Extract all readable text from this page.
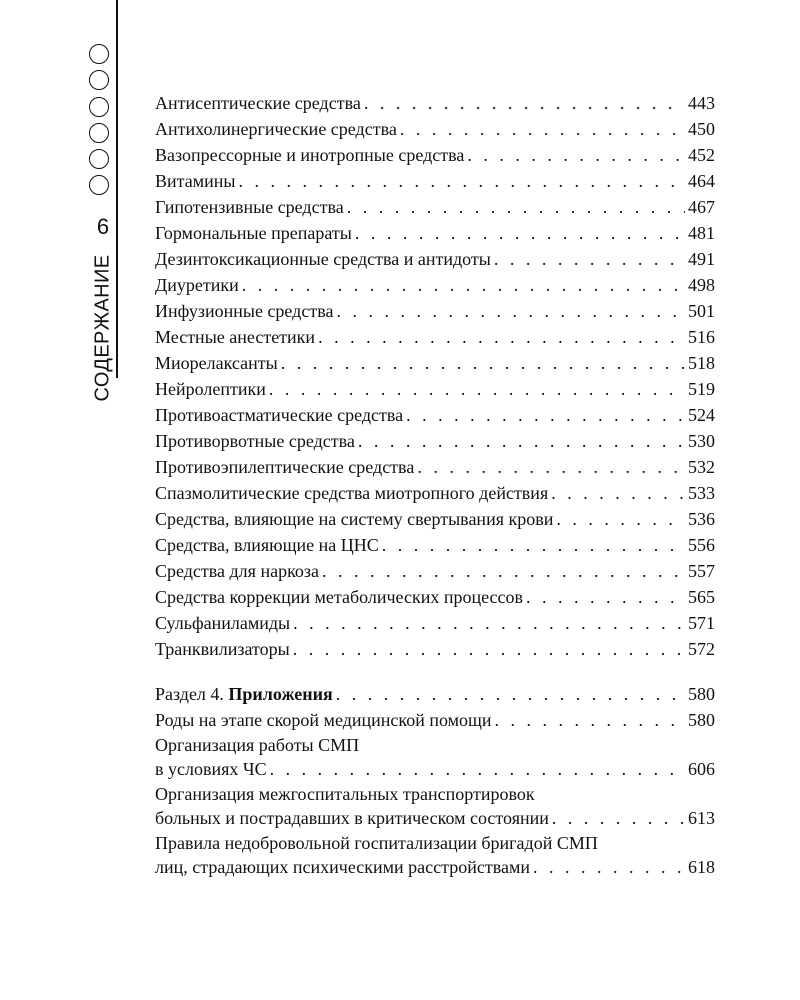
6
СОДЕРЖАНИЕ
Антисептические средства . . .	443
Антихолинергические средства . . .	450
Вазопрессорные и инотропные средства . . .	452
Витамины . . .	464
Гипотензивные средства . . .	467
Гормональные препараты . . .	481
Дезинтоксикационные средства и антидоты . . .	491
Диуретики . . .	498
Инфузионные средства . . .	501
Местные анестетики . . .	516
Миорелаксанты . . .	518
Нейролептики . . .	519
Противоастматические средства . . .	524
Противорвотные средства . . .	530
Противоэпилептические средства . . .	532
Спазмолитические средства миотропного действия . . .	533
Средства, влияющие на систему свертывания крови . . .	536
Средства, влияющие на ЦНС . . .	556
Средства для наркоза . . .	557
Средства коррекции метаболических процессов . . .	565
Сульфаниламиды . . .	571
Транквилизаторы . . .	572
Раздел 4. Приложения . . .	580
Роды на этапе скорой медицинской помощи . . .	580
Организация работы СМП
в условиях ЧС . . .	606
Организация межгоспитальных транспортировок
больных и пострадавших в критическом состоянии . . .	613
Правила недобровольной госпитализации бригадой СМП
лиц, страдающих психическими расстройствами . . .	618
